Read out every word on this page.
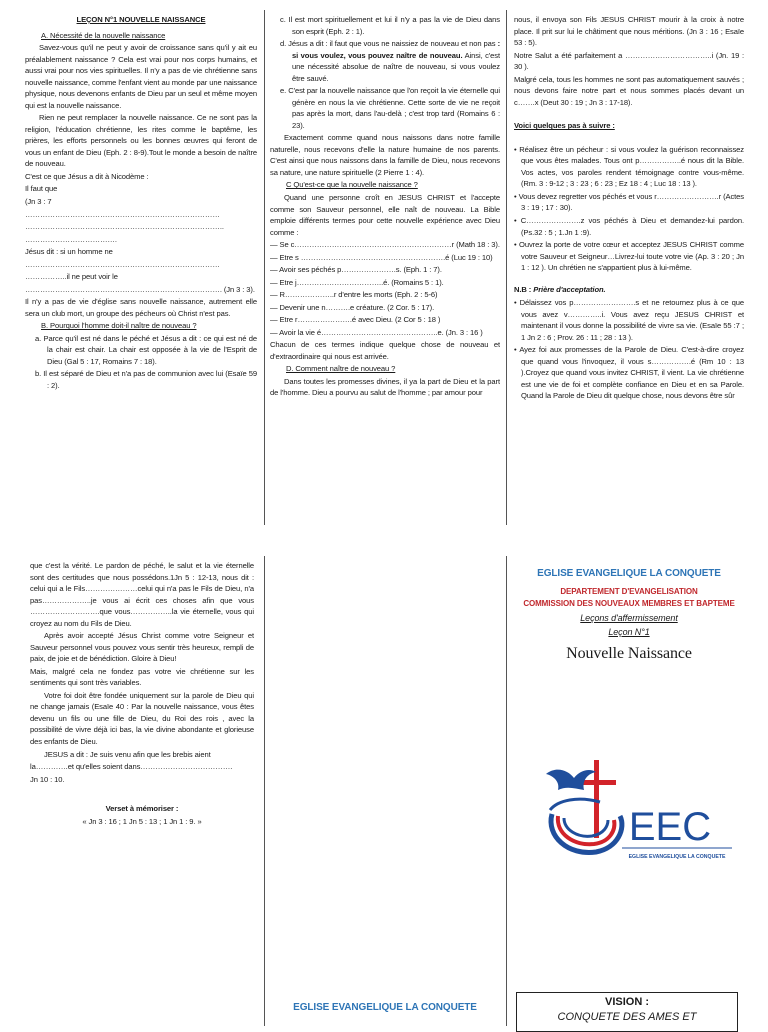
LEÇON N°1 NOUVELLE NAISSANCE

A. Nécessité de la nouvelle naissance

Savez-vous qu'il ne peut y avoir de croissance sans qu'il y ait eu préalablement naissance ? Cela est vrai pour nos corps humains, et aussi vrai pour nos vies spirituelles. Il n'y a pas de vie chrétienne sans nouvelle naissance, comme l'enfant vient au monde par une naissance physique, nous devenons enfants de Dieu par un seul et même moyen qui est la nouvelle naissance.

Rien ne peut remplacer la nouvelle naissance. Ce ne sont pas la religion, l'éducation chrétienne, les rites comme le baptême, les prières, les efforts personnels ou les bonnes œuvres qui feront de vous un enfant de Dieu (Eph. 2 : 8-9).Tout le monde a besoin de naître de nouveau.

C'est ce que Jésus a dit à Nicodème :

Il faut que

(Jn 3 : 7

……………………………………………………………………

……………………………………………………………………..

……………………………….

Jésus dit : si un homme ne

……………………………………………………………………

……………..il ne peut voir le

……………………………………………………………………. (Jn 3 : 3).

Il n'y a pas de vie d'église sans nouvelle naissance, autrement elle sera un club mort, un groupe des pécheurs où Christ n'est pas.

B. Pourquoi l'homme doit-il naître de nouveau ?

a. Parce qu'il est né dans le péché et Jésus a dit : ce qui est né de la chair est chair. La chair est opposée à la vie de l'Esprit de Dieu (Gal 5 : 17, Romains 7 : 18).

b. Il est séparé de Dieu et n'a pas de communion avec lui (Esaïe 59 : 2).

c. Il est mort spirituellement et lui il n'y a pas la vie de Dieu dans son esprit (Eph. 2 : 1).

d. Jésus a dit : il faut que vous ne naissiez de nouveau et non pas : si vous voulez, vous pouvez naître de nouveau. Ainsi, c'est une nécessité absolue de naître de nouveau, si vous voulez être sauvé.

e. C'est par la nouvelle naissance que l'on reçoit la vie éternelle qui génère en nous la vie chrétienne. Cette sorte de vie ne reçoit pas après la mort, dans l'au-delà ; c'est trop tard (Romains 6 : 23).

Exactement comme quand nous naissons dans notre famille naturelle, nous recevons d'elle la nature humaine de nos parents. C'est ainsi que nous naissons dans la famille de Dieu, nous recevons sa nature, une nature spirituelle (2 Pierre 1 : 4).

C Qu'est-ce que la nouvelle naissance ?

Quand une personne croît en JESUS CHRIST et l'accepte comme son Sauveur personnel, elle naît de nouveau. La Bible emploie différents termes pour cette nouvelle expérience avec Dieu comme :

— Se c………………………………………………………r (Math 18 : 3).

— Etre s ………………………………………………….é (Luc 19 : 10)

— Avoir ses péchés p………………….s. (Eph. 1 : 7).

— Etre j……………………………..é. (Romains 5 : 1).

— R………………..r d'entre les morts (Eph. 2 : 5-6)

— Devenir une n……….e créature. (2 Cor. 5 : 17).

— Etre r………………….é avec Dieu. (2 Cor 5 : 18 )

— Avoir la vie é………………………………………..e. (Jn. 3 : 16 )

Chacun de ces termes indique quelque chose de nouveau et d'extraordinaire qui nous est arrivée.

D. Comment naître de nouveau ?

Dans toutes les promesses divines, il ya la part de Dieu et la part de l'homme. Dieu a pourvu au salut de l'homme ; par amour pour

nous, il envoya son Fils JESUS CHRIST mourir à la croix à notre place. Il prit sur lui le châtiment que nous méritions. (Jn 3 : 16 ; Esaïe 53 : 5).

Notre Salut a été parfaitement a ……………………………..i (Jn. 19 : 30 ).

Malgré cela, tous les hommes ne sont pas automatiquement sauvés ; nous devons faire notre part et nous sommes placés devant un c…….x (Deut 30 : 19 ; Jn 3 : 17-18).

Voici quelques pas à suivre :

• Réalisez être un pécheur : si vous voulez la guérison reconnaissez que vous êtes malades. Tous ont p……………..é nous dit la Bible. Vos actes, vos paroles rendent témoignage contre vous-même. (Rm. 3 : 9-12 ; 3 : 23 ; 6 : 23 ; Ez 18 : 4 ; Luc 18 : 13 ).

• Vous devez regretter vos péchés et vous r…………………….r (Actes 3 : 19 ; 17 : 30).

• C………………….z vos péchés à Dieu et demandez-lui pardon. (Ps.32 : 5 ; 1.Jn 1 :9).

• Ouvrez la porte de votre cœur et acceptez JESUS CHRIST comme votre Sauveur et Seigneur…Livrez-lui toute votre vie (Ap. 3 : 20 ; Jn 1 : 12 ). Un chrétien ne s'appartient plus à lui-même.

N.B : Prière d'acceptation.

• Délaissez vos p…………………….s et ne retournez plus à ce que vous avez v…………..i. Vous avez reçu JESUS CHRIST et maintenant il vous donne la possibilité de vivre sa vie. (Esaïe 55 :7 ; 1 Jn 2 : 6 ; Prov. 26 : 11 ; 28 : 13 ).

• Ayez foi aux promesses de la Parole de Dieu. C'est-à-dire croyez que quand vous l'invoquez, il vous s…………….é (Rm 10 : 13 ).Croyez que quand vous invitez CHRIST, il vient. La vie chrétienne est une vie de foi et complète confiance en Dieu et en sa Parole. Quand la Parole de Dieu dit quelque chose, nous devons être sûr

que c'est la vérité. Le pardon de péché, le salut et la vie éternelle sont des certitudes que nous possédons.1Jn 5 : 12-13, nous dit : celui qui a le Fils…………………celui qui n'a pas le Fils de Dieu, n'a pas………………..je vous ai écrit ces choses afin que vous ……………………….que vous……………..la vie éternelle, vous qui croyez au nom du Fils de Dieu.

Après avoir accepté Jésus Christ comme votre Seigneur et Sauveur personnel vous pouvez vous sentir très heureux, rempli de paix, de joie et de bénédiction. Gloire à Dieu!

Mais, malgré cela ne fondez pas votre vie chrétienne sur les sentiments qui sont très variables.

Votre foi doit être fondée uniquement sur la parole de Dieu qui ne change jamais (Esaïe 40 : Par la nouvelle naissance, vous êtes devenu un fils ou une fille de Dieu, du Roi des rois , avec la possibilité de vivre déjà ici bas, la vie divine abondante et glorieuse des enfants de Dieu.

JESUS a dit : Je suis venu afin que les brebis aient

la………….et qu'elles soient dans……………………………….

Jn 10 : 10.

Verset à mémoriser :

« Jn 3 : 16 ; 1 Jn 5 : 13 ; 1 Jn 1 : 9. »

EGLISE EVANGELIQUE LA CONQUETE

EGLISE EVANGELIQUE LA CONQUETE

DEPARTEMENT D'EVANGELISATION

COMMISSION DES NOUVEAUX MEMBRES ET BAPTEME

Leçons d'affermissement

Leçon N°1

Nouvelle Naissance

EEC
EGLISE EVANGELIQUE LA CONQUETE
VISION :
CONQUETE DES AMES ET
